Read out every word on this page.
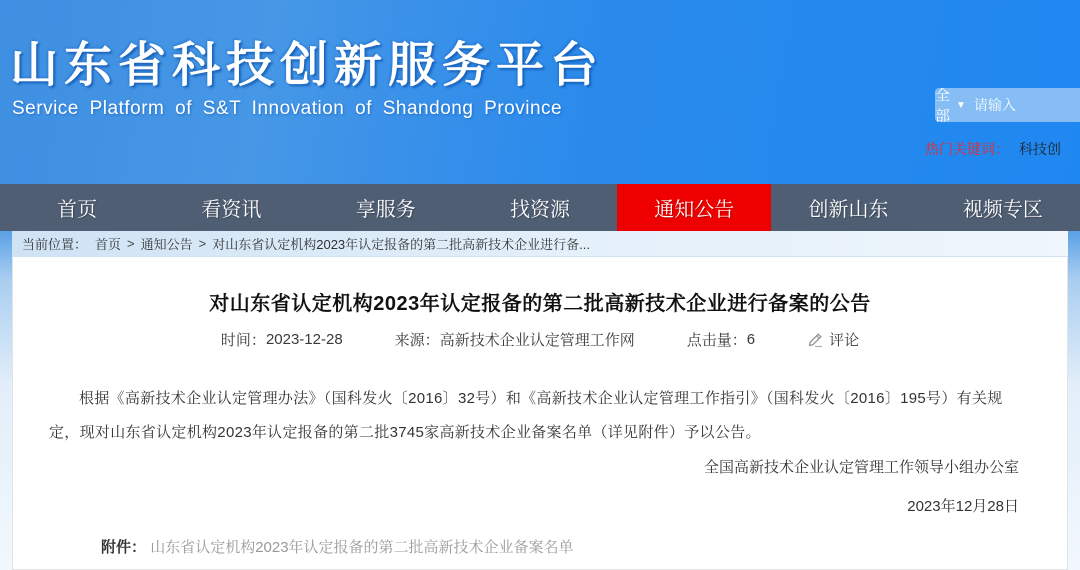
山东省科技创新服务平台
Service Platform of S&T Innovation of Shandong Province
全部
▼
请输入
热门关键词： 科技创
首页	看资讯	享服务	找资源	通知公告	创新山东	视频专区
当前位置： 首页 > 通知公告 > 对山东省认定机构2023年认定报备的第二批高新技术企业进行备...
对山东省认定机构2023年认定报备的第二批高新技术企业进行备案的公告
时间： 2023-12-28	来源： 高新技术企业认定管理工作网	点击量： 6	评论
根据《高新技术企业认定管理办法》（国科发火〔2016〕32号）和《高新技术企业认定管理工作指引》（国科发火〔2016〕195号）有关规定，现对山东省认定机构2023年认定报备的第二批3745家高新技术企业备案名单（详见附件）予以公告。
全国高新技术企业认定管理工作领导小组办公室
2023年12月28日
附件： 山东省认定机构2023年认定报备的第二批高新技术企业备案名单
